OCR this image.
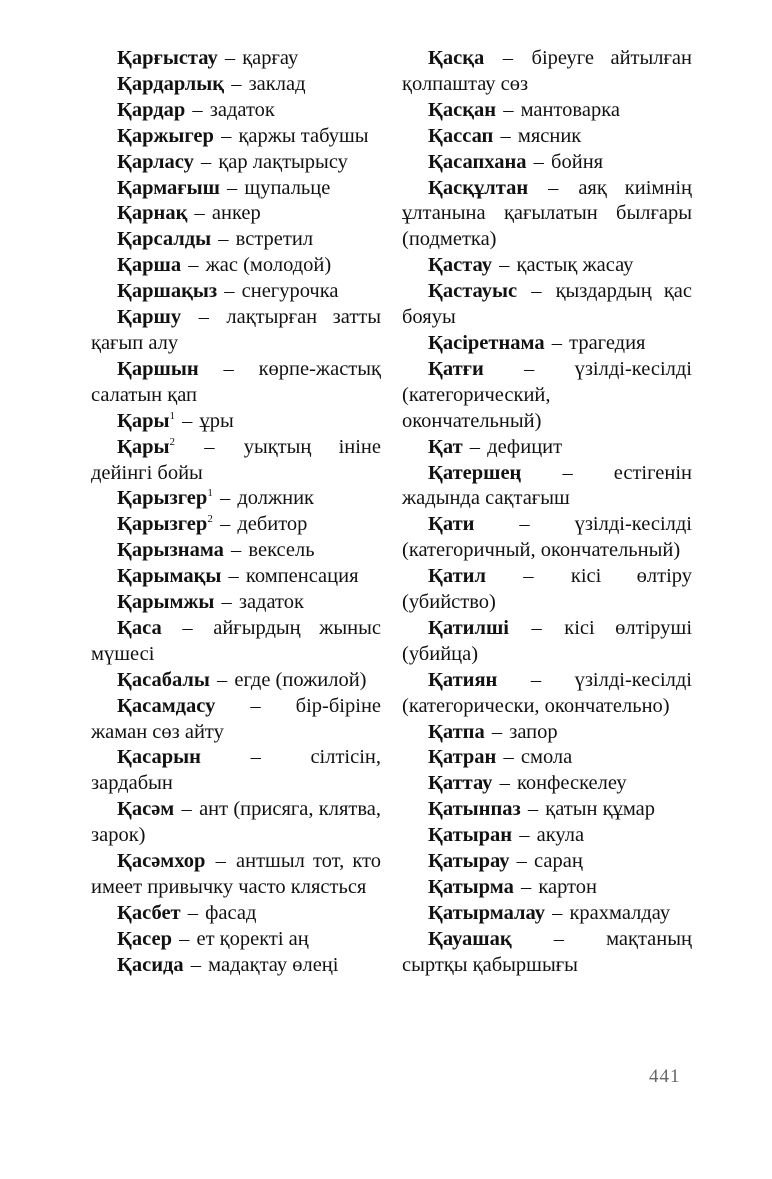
Қарғыстау – қарғау

Қардарлық – заклад

Қардар – задаток

Қаржыгер – қаржы табушы

Қарласу – қар лақтырысу

Қармағыш – щупальце

Қарнақ – анкер

Қарсалды – встретил

Қарша – жас (молодой)

Қаршақыз – снегурочка

Қаршу – лақтырған затты қағып алу

Қаршын – көрпе-жастық салатын қап

Қары$^1$ – ұры

Қары$^2$ – уықтың ініне дейінгі бойы

Қарызгер$^1$ – должник

Қарызгер$^2$ – дебитор

Қарызнама – вексель

Қарымақы – компенсация

Қарымжы – задаток

Қаса – айғырдың жыныс мүшесі

Қасабалы – егде (пожилой)

Қасамдасу – бір-біріне жаман сөз айту

Қасарын – сілтісін, зардабын

Қасәм – ант (присяга, клятва, зарок)

Қасәмхор – антшыл тот, кто имеет привычку часто клясться

Қасбет – фасад

Қасер – ет қоректі аң

Қасида – мадақтау өлеңі

Қасқа – біреуге айтылған қолпаштау сөз

Қасқан – мантоварка

Қассап – мясник

Қасапхана – бойня

Қасқұлтан – аяқ киімнің ұлтанына қағылатын былғары (подметка)

Қастау – қастық жасау

Қастауыс – қыздардың қас бояуы

Қасіретнама – трагедия

Қатғи – үзілді-кесілді (категорический, окончательный)

Қат – дефицит

Қатершең – естігенін жадында сақтағыш

Қати – үзілді-кесілді (категоричный, окончательный)

Қатил – кісі өлтіру (убийство)

Қатилші – кісі өлтіруші (убийца)

Қатиян – үзілді-кесілді (категорически, окончательно)

Қатпа – запор

Қатран – смола

Қаттау – конфескелеу

Қатынпаз – қатын құмар

Қатыран – акула

Қатырау – сараң

Қатырма – картон

Қатырмалау – крахмалдау

Қауашақ – мақтаның сыртқы қабыршығы

441
